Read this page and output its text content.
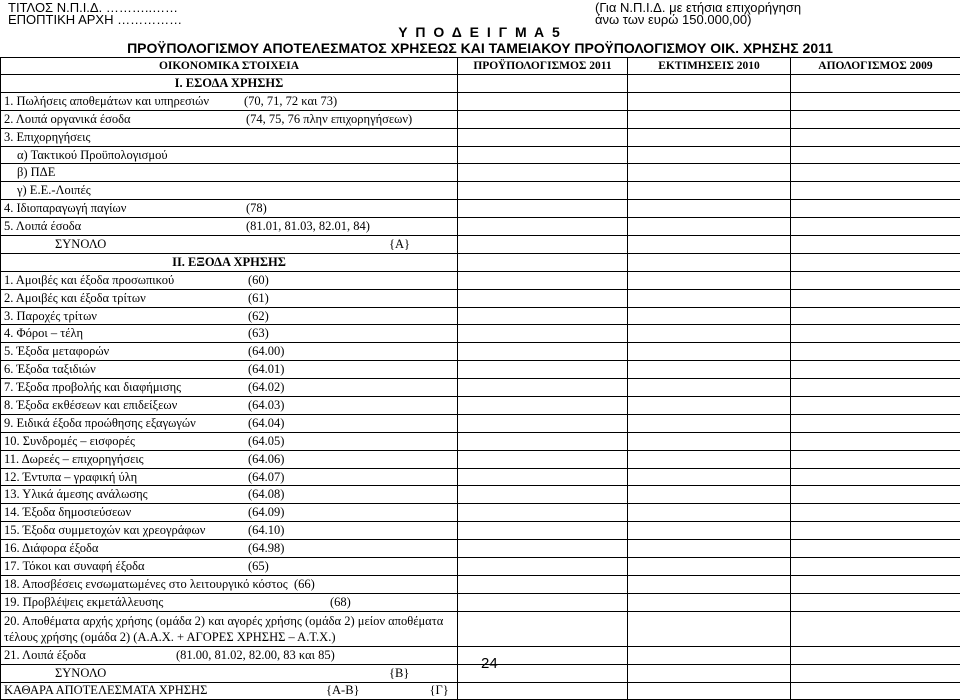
ΤΙΤΛΟΣ Ν.Π.Ι.Δ. ………..……
ΕΠΟΠΤΙΚΗ ΑΡΧΗ ……………
(Για Ν.Π.Ι.Δ. με ετήσια επιχορήγηση
άνω των ευρώ 150.000,00)
Υ Π Ο Δ Ε Ι Γ Μ Α 5
ΠΡΟΫΠΟΛΟΓΙΣΜΟΥ ΑΠΟΤΕΛΕΣΜΑΤΟΣ ΧΡΗΣΕΩΣ ΚΑΙ ΤΑΜΕΙΑΚΟΥ ΠΡΟΫΠΟΛΟΓΙΣΜΟΥ ΟΙΚ. ΧΡΗΣΗΣ 2011
ΟΙΚΟΝΟΜΙΚΑ ΣΤΟΙΧΕΙΑ	ΠΡΟΫΠΟΛΟΓΙΣΜΟΣ 2011	ΕΚΤΙΜΗΣΕΙΣ 2010	ΑΠΟΛΟΓΙΣΜΟΣ 2009
Ι. ΕΣΟΔΑ ΧΡΗΣΗΣ			
1. Πωλήσεις αποθεμάτων και υπηρεσιών (70, 71, 72 και 73)			
2. Λοιπά οργανικά έσοδα (74, 75, 76 πλην επιχορηγήσεων)			
3. Επιχορηγήσεις			
α) Τακτικού Προϋπολογισμού			
β) ΠΔΕ			
γ) Ε.Ε.-Λοιπές			
4. Ιδιοπαραγωγή παγίων (78)			
5. Λοιπά έσοδα (81.01, 81.03, 82.01, 84)			
ΣΥΝΟΛΟ {Α}			
ΙΙ. ΕΞΟΔΑ ΧΡΗΣΗΣ			
1. Αμοιβές και έξοδα προσωπικού (60)			
2. Αμοιβές και έξοδα τρίτων (61)			
3. Παροχές τρίτων (62)			
4. Φόροι – τέλη (63)			
5. Έξοδα μεταφορών (64.00)			
6. Έξοδα ταξιδιών (64.01)			
7. Έξοδα προβολής και διαφήμισης (64.02)			
8. Έξοδα εκθέσεων και επιδείξεων (64.03)			
9. Ειδικά έξοδα προώθησης εξαγωγών (64.04)			
10. Συνδρομές – εισφορές (64.05)			
11. Δωρεές – επιχορηγήσεις (64.06)			
12. Έντυπα – γραφική ύλη (64.07)			
13. Υλικά άμεσης ανάλωσης (64.08)			
14. Έξοδα δημοσιεύσεων (64.09)			
15. Έξοδα συμμετοχών και χρεογράφων (64.10)			
16. Διάφορα έξοδα (64.98)			
17. Τόκοι και συναφή έξοδα (65)			
18. Αποσβέσεις ενσωματωμένες στο λειτουργικό κόστος (66)			
19. Προβλέψεις εκμετάλλευσης (68)			
20. Αποθέματα αρχής χρήσης (ομάδα 2) και αγορές χρήσης (ομάδα 2) μείον αποθέματα τέλους χρήσης (ομάδα 2) (Α.Α.Χ. + ΑΓΟΡΕΣ ΧΡΗΣΗΣ – Α.Τ.Χ.)			
21. Λοιπά έξοδα (81.00, 81.02, 82.00, 83 και 85)			
ΣΥΝΟΛΟ {Β}			
ΚΑΘΑΡΑ ΑΠΟΤΕΛΕΣΜΑΤΑ ΧΡΗΣΗΣ {Α-Β} {Γ}			
24
